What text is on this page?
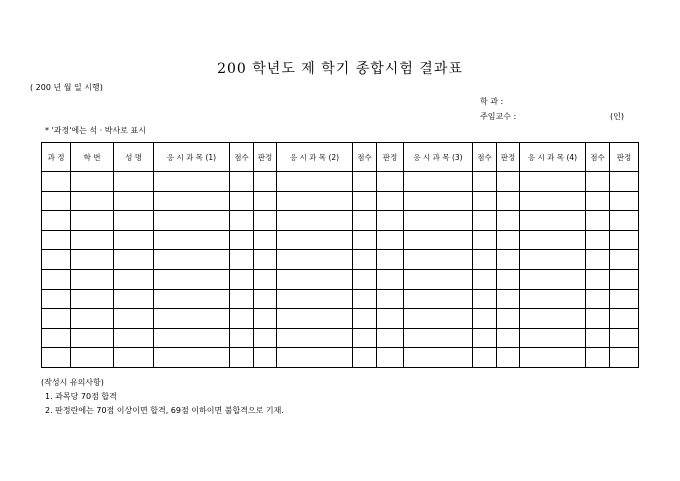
200 학년도 제 학기 종합시험 결과표
( 200 년 월 일 시행)
학 과 :
주임교수 :	(인)
* '과정'에는 석 · 박사로 표시
과 정	학 번	성 명	응 시 과 목 (1)	점수	판정	응 시 과 목 (2)	점수	판정	응 시 과 목 (3)	점수	판정	응 시 과 목 (4)	점수	판정

(작성시 유의사항)
1. 과목당 70점 합격
2. 판정란에는 70점 이상이면 합격, 69점 이하이면 불합격으로 기재.
